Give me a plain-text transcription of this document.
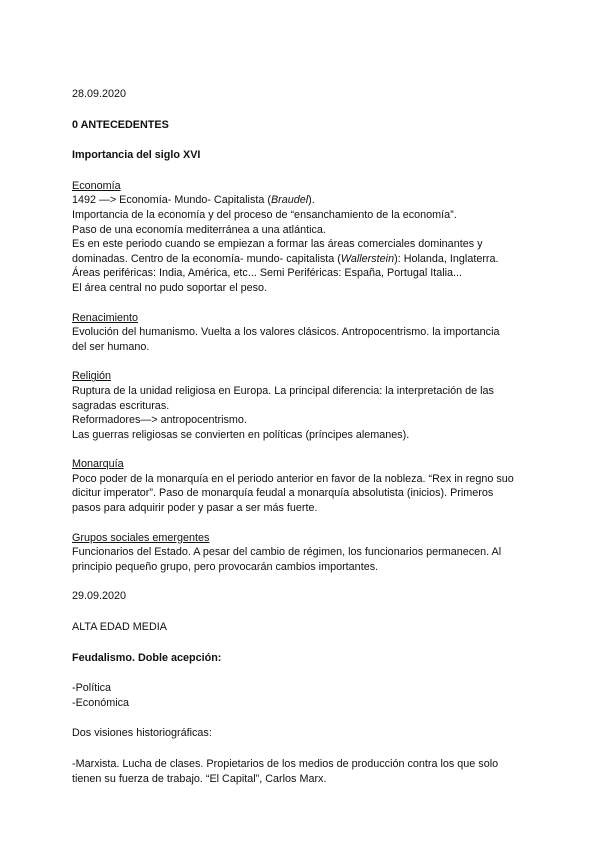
28.09.2020

0 ANTECEDENTES

Importancia del siglo XVI

Economía

1492 —> Economía- Mundo- Capitalista (Braudel).

Importancia de la economía y del proceso de “ensanchamiento de la economía”.

Paso de una economía mediterránea a una atlántica.

Es en este periodo cuando se empiezan a formar las áreas comerciales dominantes y

dominadas. Centro de la economía- mundo- capitalista (Wallerstein): Holanda, Inglaterra.

Áreas periféricas: India, América, etc... Semi Periféricas: España, Portugal Italia...

El área central no pudo soportar el peso.

Renacimiento

Evolución del humanismo. Vuelta a los valores clásicos. Antropocentrismo. la importancia

del ser humano.

Religión

Ruptura de la unidad religiosa en Europa. La principal diferencia: la interpretación de las

sagradas escrituras.

Reformadores—> antropocentrismo.

Las guerras religiosas se convierten en políticas (príncipes alemanes).

Monarquía

Poco poder de la monarquía en el periodo anterior en favor de la nobleza. “Rex in regno suo

dicitur imperator”. Paso de monarquía feudal a monarquía absolutista (inicios). Primeros

pasos para adquirir poder y pasar a ser más fuerte.

Grupos sociales emergentes

Funcionarios del Estado. A pesar del cambio de régimen, los funcionarios permanecen. Al

principio pequeño grupo, pero provocarán cambios importantes.

29.09.2020

ALTA EDAD MEDIA

Feudalismo. Doble acepción:

-Política

-Económica

Dos visiones historiográficas:

-Marxista. Lucha de clases. Propietarios de los medios de producción contra los que solo

tienen su fuerza de trabajo. “El Capital”, Carlos Marx.
